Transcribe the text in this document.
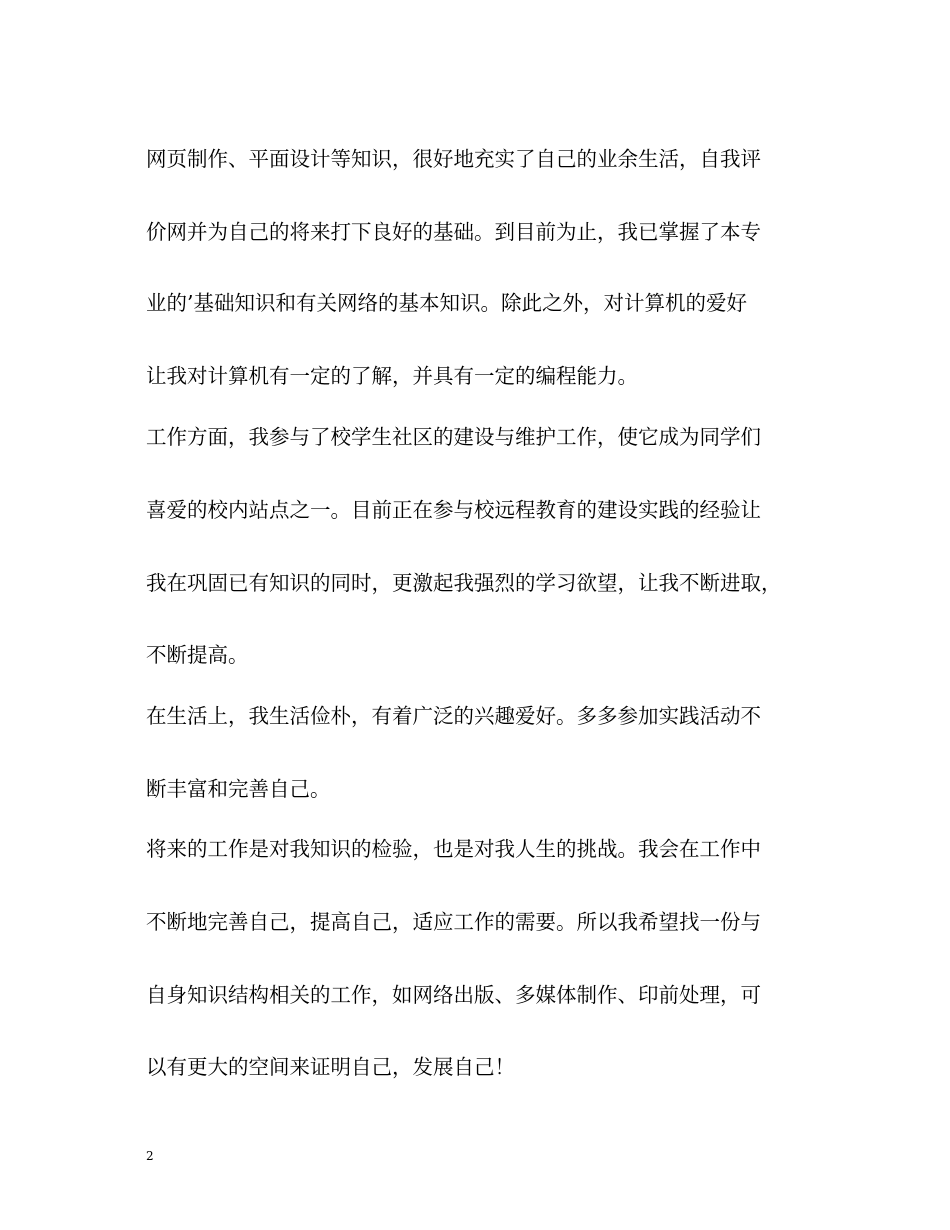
网页制作、平面设计等知识，很好地充实了自己的业余生活，自我评

价网并为自己的将来打下良好的基础。到目前为止，我已掌握了本专

业的’基础知识和有关网络的基本知识。除此之外，对计算机的爱好

让我对计算机有一定的了解，并具有一定的编程能力。

工作方面，我参与了校学生社区的建设与维护工作，使它成为同学们

喜爱的校内站点之一。目前正在参与校远程教育的建设实践的经验让

我在巩固已有知识的同时，更激起我强烈的学习欲望，让我不断进取，

不断提高。

在生活上，我生活俭朴，有着广泛的兴趣爱好。多多参加实践活动不

断丰富和完善自己。

将来的工作是对我知识的检验，也是对我人生的挑战。我会在工作中

不断地完善自己，提高自己，适应工作的需要。所以我希望找一份与

自身知识结构相关的工作，如网络出版、多媒体制作、印前处理，可

以有更大的空间来证明自己，发展自己！

2
